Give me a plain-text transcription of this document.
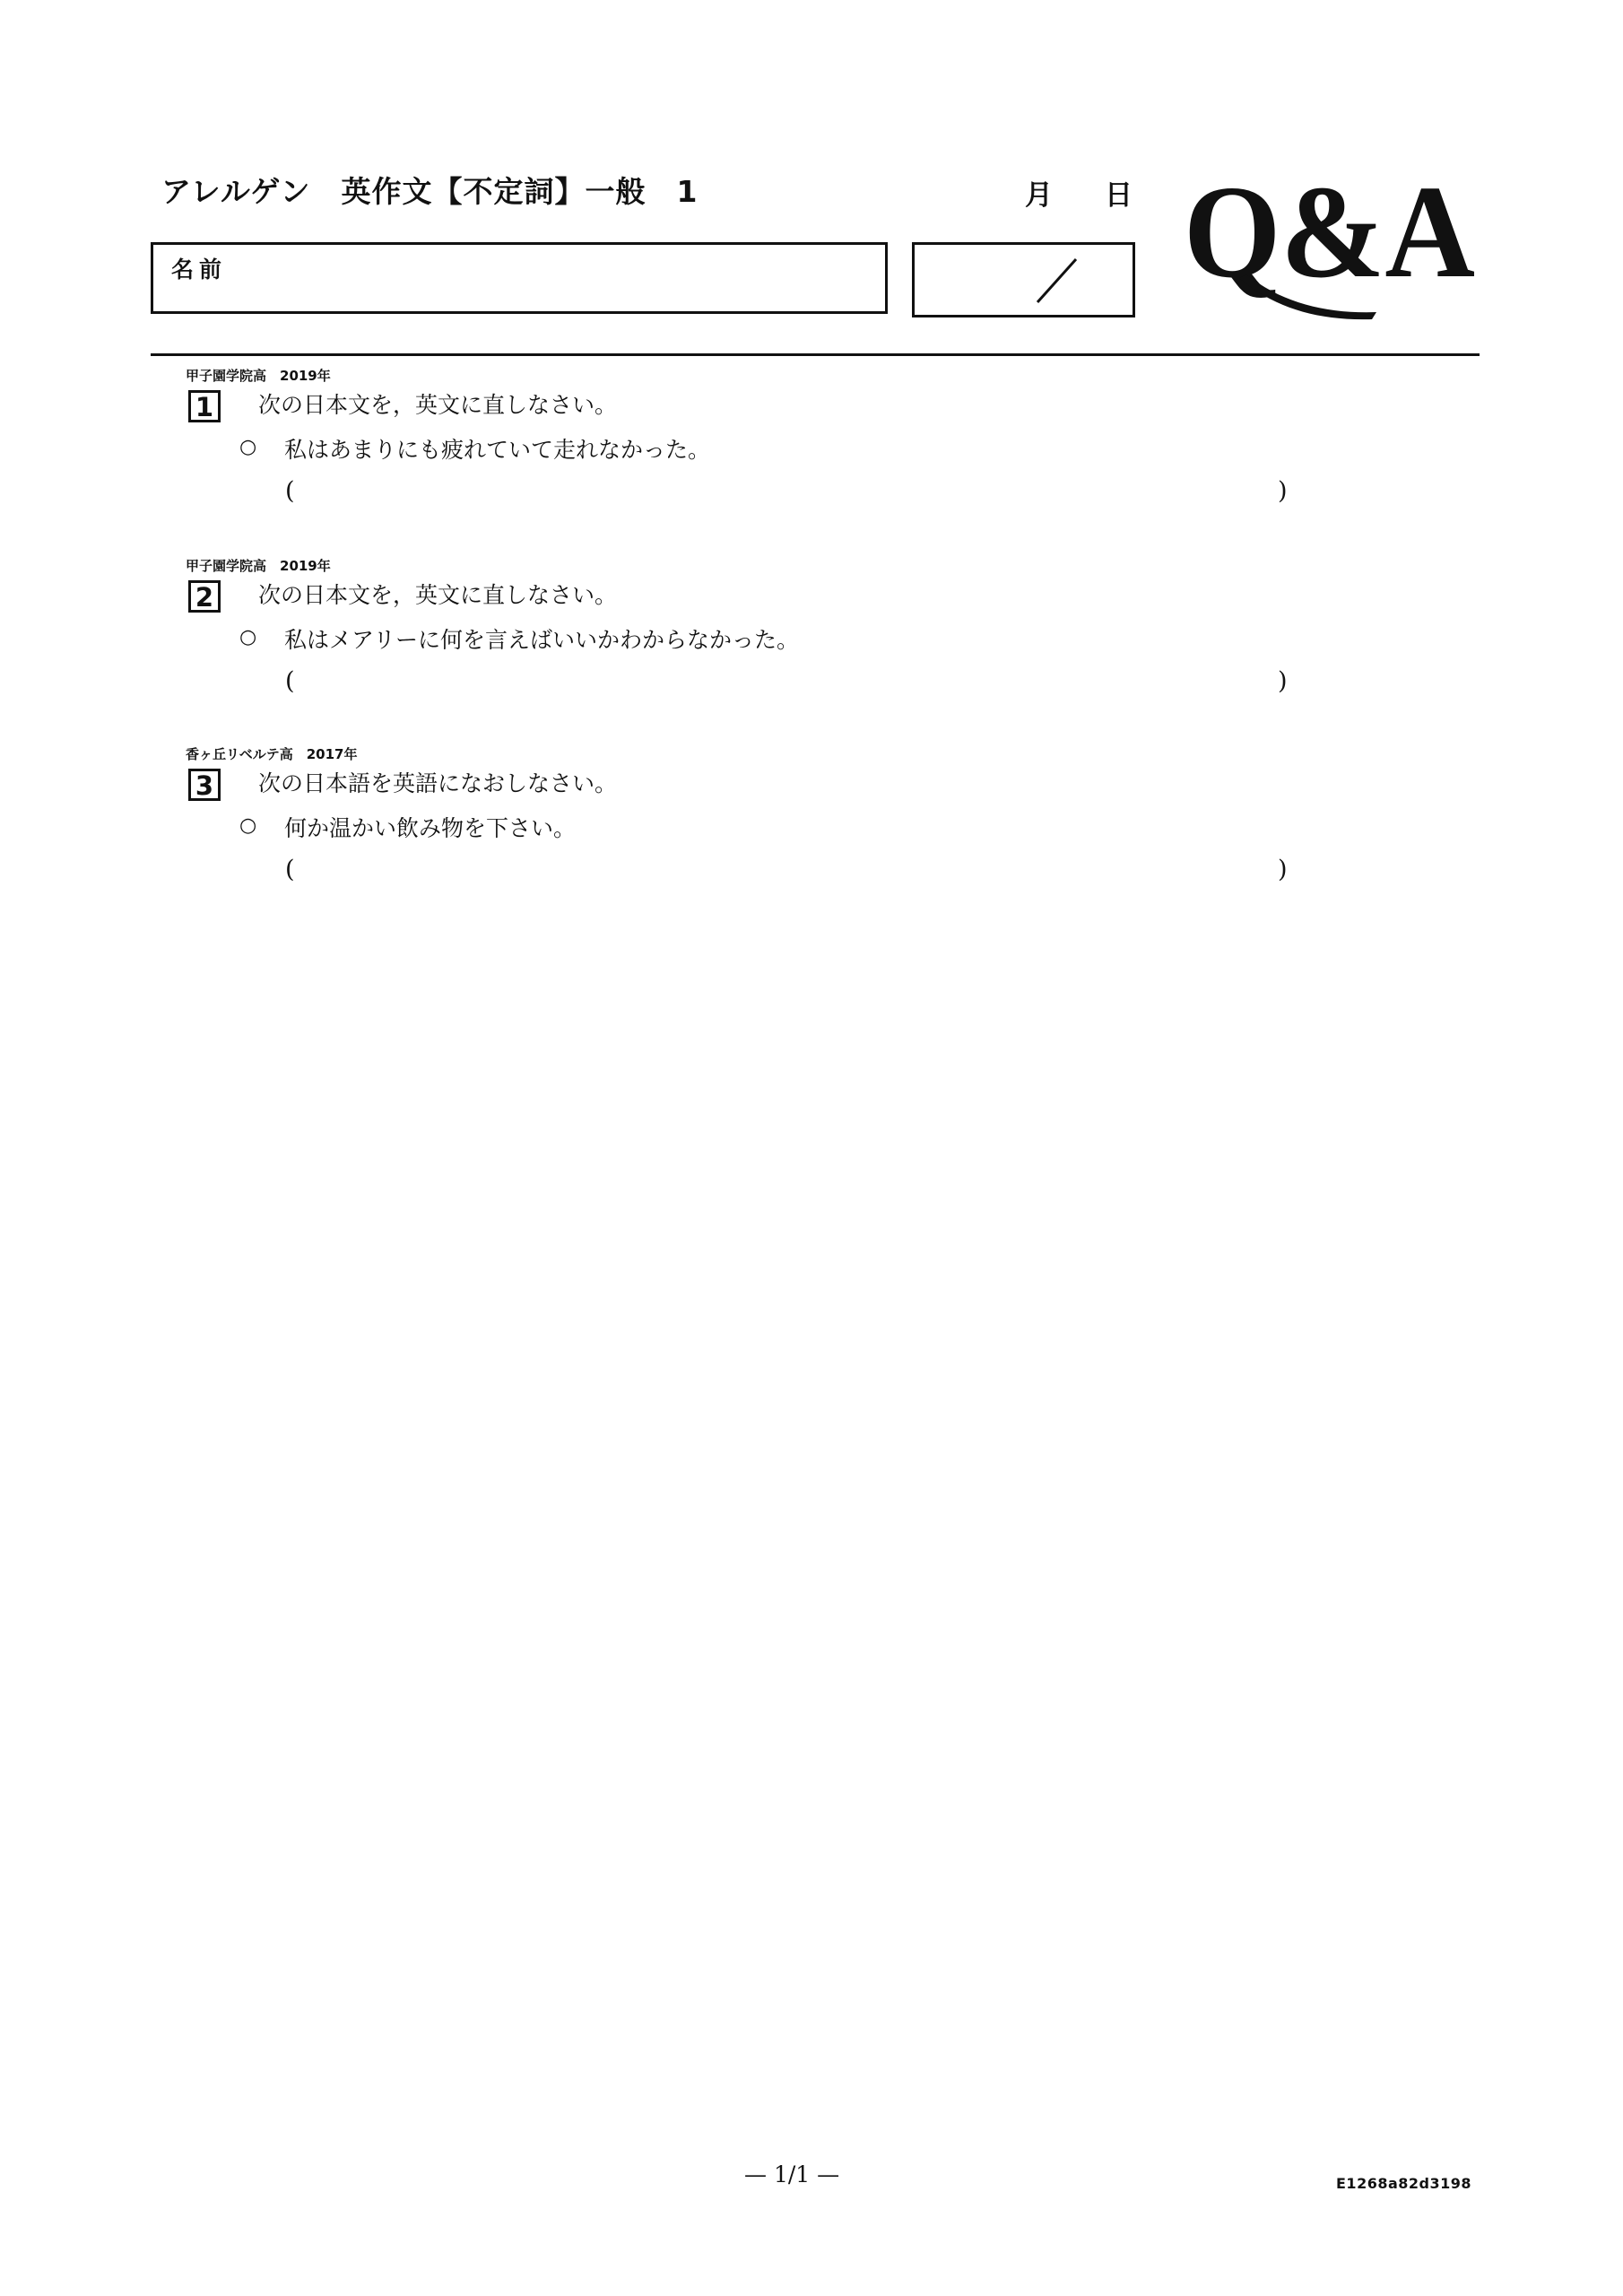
アレルゲン　英作文【不定詞】一般　1	月 日
名前	Q&A
甲子園学院高　2019年
1	次の日本文を，英文に直しなさい。
○ 私はあまりにも疲れていて走れなかった。
(	)
甲子園学院高　2019年
2	次の日本文を，英文に直しなさい。
○ 私はメアリーに何を言えばいいかわからなかった。
(	)
香ヶ丘リベルテ高　2017年
3	次の日本語を英語になおしなさい。
○ 何か温かい飲み物を下さい。
(	)
— 1/1 —	E1268a82d3198
